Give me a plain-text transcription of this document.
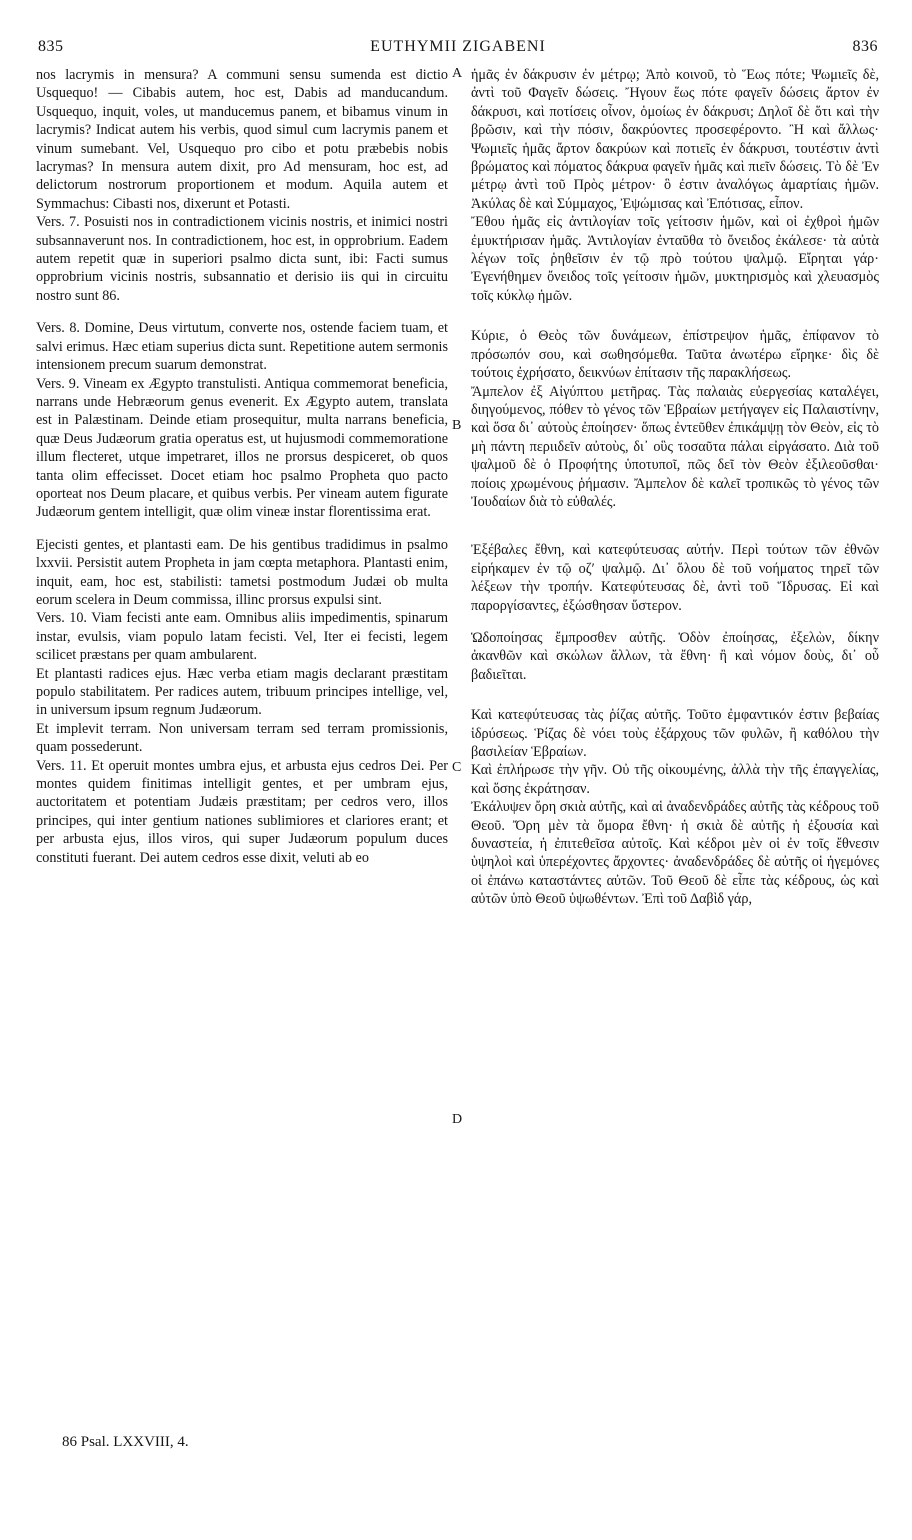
835	EUTHYMII ZIGABENI	836

nos lacrymis in mensura? A communi sensu sumenda est dictio Usquequo! — Cibabis autem, hoc est, Dabis ad manducandum. Usquequo, inquit, voles, ut manducemus panem, et bibamus vinum in lacrymis? Indicat autem his verbis, quod simul cum lacrymis panem et vinum sumebant. Vel, Usquequo pro cibo et potu præbebis nobis lacrymas? In mensura autem dixit, pro Ad mensuram, hoc est, ad delictorum nostrorum proportionem et modum. Aquila autem et Symmachus: Cibasti nos, dixerunt et Potasti.

Vers. 7. Posuisti nos in contradictionem vicinis nostris, et inimici nostri subsannaverunt nos. In contradictionem, hoc est, in opprobrium. Eadem autem repetit quæ in superiori psalmo dicta sunt, ibi: Facti sumus opprobrium vicinis nostris, subsannatio et derisio iis qui in circuitu nostro sunt 86.

Vers. 8. Domine, Deus virtutum, converte nos, ostende faciem tuam, et salvi erimus. Hæc etiam superius dicta sunt. Repetitione autem sermonis intensionem precum suarum demonstrat.

Vers. 9. Vineam ex Ægypto transtulisti. Antiqua commemorat beneficia, narrans unde Hebræorum genus evenerit. Ex Ægypto autem, translata est in Palæstinam. Deinde etiam prosequitur, multa narrans beneficia, quæ Deus Judæorum gratia operatus est, ut hujusmodi commemoratione illum flecteret, utque impetraret, illos ne prorsus despiceret, ob quos tanta olim effecisset. Docet etiam hoc psalmo Propheta quo pacto oporteat nos Deum placare, et quibus verbis. Per vineam autem figurate Judæorum gentem intelligit, quæ olim vineæ instar florentissima erat.

Ejecisti gentes, et plantasti eam. De his gentibus tradidimus in psalmo lxxvii. Persistit autem Propheta in jam cœpta metaphora. Plantasti enim, inquit, eam, hoc est, stabilisti: tametsi postmodum Judæi ob multa eorum scelera in Deum commissa, illinc prorsus expulsi sint.

Vers. 10. Viam fecisti ante eam. Omnibus aliis impedimentis, spinarum instar, evulsis, viam populo latam fecisti. Vel, Iter ei fecisti, legem scilicet præstans per quam ambularent.

Et plantasti radices ejus. Hæc verba etiam magis declarant præstitam populo stabilitatem. Per radices autem, tribuum principes intellige, vel, in universum ipsum regnum Judæorum.

Et implevit terram. Non universam terram sed terram promissionis, quam possederunt.

Vers. 11. Et operuit montes umbra ejus, et arbusta ejus cedros Dei. Per montes quidem finitimas intelligit gentes, et per umbram ejus, auctoritatem et potentiam Judæis præstitam; per cedros vero, illos principes, qui inter gentium nationes sublimiores et clariores erant; et per arbusta ejus, illos viros, qui super Judæorum populum duces constituti fuerant. Dei autem cedros esse dixit, veluti ab eo

ἡμᾶς ἐν δάκρυσιν ἐν μέτρῳ; Ἀπὸ κοινοῦ, τὸ Ἕως πότε; Ψωμιεῖς δὲ, ἀντὶ τοῦ Φαγεῖν δώσεις. Ἤγουν ἕως πότε φαγεῖν δώσεις ἄρτον ἐν δάκρυσι, καὶ ποτίσεις οἶνον, ὁμοίως ἐν δάκρυσι; Δηλοῖ δὲ ὅτι καὶ τὴν βρῶσιν, καὶ τὴν πόσιν, δακρύοντες προσεφέροντο. Ἢ καὶ ἄλλως· Ψωμιεῖς ἡμᾶς ἄρτον δακρύων καὶ ποτιεῖς ἐν δάκρυσι, τουτέστιν ἀντὶ βρώματος καὶ πόματος δάκρυα φαγεῖν ἡμᾶς καὶ πιεῖν δώσεις. Τὸ δὲ Ἐν μέτρῳ ἀντὶ τοῦ Πρὸς μέτρον· ὃ ἐστιν ἀναλόγως ἁμαρτίαις ἡμῶν. Ἀκύλας δὲ καὶ Σύμμαχος, Ἐψώμισας καὶ Ἐπότισας, εἶπον.

Ἔθου ἡμᾶς εἰς ἀντιλογίαν τοῖς γείτοσιν ἡμῶν, καὶ οἱ ἐχθροὶ ἡμῶν ἐμυκτήρισαν ἡμᾶς. Ἀντιλογίαν ἐνταῦθα τὸ ὄνειδος ἐκάλεσε· τὰ αὐτὰ λέγων τοῖς ῥηθεῖσιν ἐν τῷ πρὸ τούτου ψαλμῷ. Εἴρηται γάρ· Ἐγενήθημεν ὄνειδος τοῖς γείτοσιν ἡμῶν, μυκτηρισμὸς καὶ χλευασμὸς τοῖς κύκλῳ ἡμῶν.

Κύριε, ὁ Θεὸς τῶν δυνάμεων, ἐπίστρεψον ἡμᾶς, ἐπίφανον τὸ πρόσωπόν σου, καὶ σωθησόμεθα. Ταῦτα ἀνωτέρω εἴρηκε· δὶς δὲ τούτοις ἐχρήσατο, δεικνύων ἐπίτασιν τῆς παρακλήσεως.

Ἄμπελον ἐξ Αἰγύπτου μετῆρας. Τὰς παλαιὰς εὐεργεσίας καταλέγει, διηγούμενος, πόθεν τὸ γένος τῶν Ἑβραίων μετήγαγεν εἰς Παλαιστίνην, καὶ ὅσα δι᾽ αὐτοὺς ἐποίησεν· ὅπως ἐντεῦθεν ἐπικάμψῃ τὸν Θεὸν, εἰς τὸ μὴ πάντη περιιδεῖν αὐτοὺς, δι᾽ οὓς τοσαῦτα πάλαι εἰργάσατο. Διὰ τοῦ ψαλμοῦ δὲ ὁ Προφήτης ὑποτυποῖ, πῶς δεῖ τὸν Θεὸν ἐξιλεοῦσθαι· ποίοις χρωμένους ῥήμασιν. Ἄμπελον δὲ καλεῖ τροπικῶς τὸ γένος τῶν Ἰουδαίων διὰ τὸ εὐθαλές.

Ἐξέβαλες ἔθνη, καὶ κατεφύτευσας αὐτήν. Περὶ τούτων τῶν ἐθνῶν εἰρήκαμεν ἐν τῷ οζʹ ψαλμῷ. Δι᾽ ὅλου δὲ τοῦ νοήματος τηρεῖ τῶν λέξεων τὴν τροπήν. Κατεφύτευσας δὲ, ἀντὶ τοῦ Ἵδρυσας. Εἰ καὶ παροργίσαντες, ἐξώσθησαν ὕστερον.

Ὡδοποίησας ἔμπροσθεν αὐτῆς. Ὁδὸν ἐποίησας, ἐξελὼν, δίκην ἀκανθῶν καὶ σκώλων ἄλλων, τὰ ἔθνη· ἢ καὶ νόμον δοὺς, δι᾽ οὗ βαδιεῖται.

Καὶ κατεφύτευσας τὰς ῥίζας αὐτῆς. Τοῦτο ἐμφαντικόν ἐστιν βεβαίας ἱδρύσεως. Ῥίζας δὲ νόει τοὺς ἐξάρχους τῶν φυλῶν, ἢ καθόλου τὴν βασιλείαν Ἑβραίων.

Καὶ ἐπλήρωσε τὴν γῆν. Οὐ τῆς οἰκουμένης, ἀλλὰ τὴν τῆς ἐπαγγελίας, καὶ ὅσης ἐκράτησαν.

Ἐκάλυψεν ὄρη σκιὰ αὐτῆς, καὶ αἱ ἀναδενδράδες αὐτῆς τὰς κέδρους τοῦ Θεοῦ. Ὄρη μὲν τὰ ὅμορα ἔθνη· ἡ σκιὰ δὲ αὐτῆς ἡ ἐξουσία καὶ δυναστεία, ἡ ἐπιτεθεῖσα αὐτοῖς. Καὶ κέδροι μὲν οἱ ἐν τοῖς ἔθνεσιν ὑψηλοὶ καὶ ὑπερέχοντες ἄρχοντες· ἀναδενδράδες δὲ αὐτῆς οἱ ἡγεμόνες οἱ ἐπάνω καταστάντες αὐτῶν. Τοῦ Θεοῦ δὲ εἶπε τὰς κέδρους, ὡς καὶ αὐτῶν ὑπὸ Θεοῦ ὑψωθέντων. Ἐπὶ τοῦ Δαβὶδ γάρ,

A
B
C
D
86 Psal. LXXVIII, 4.
